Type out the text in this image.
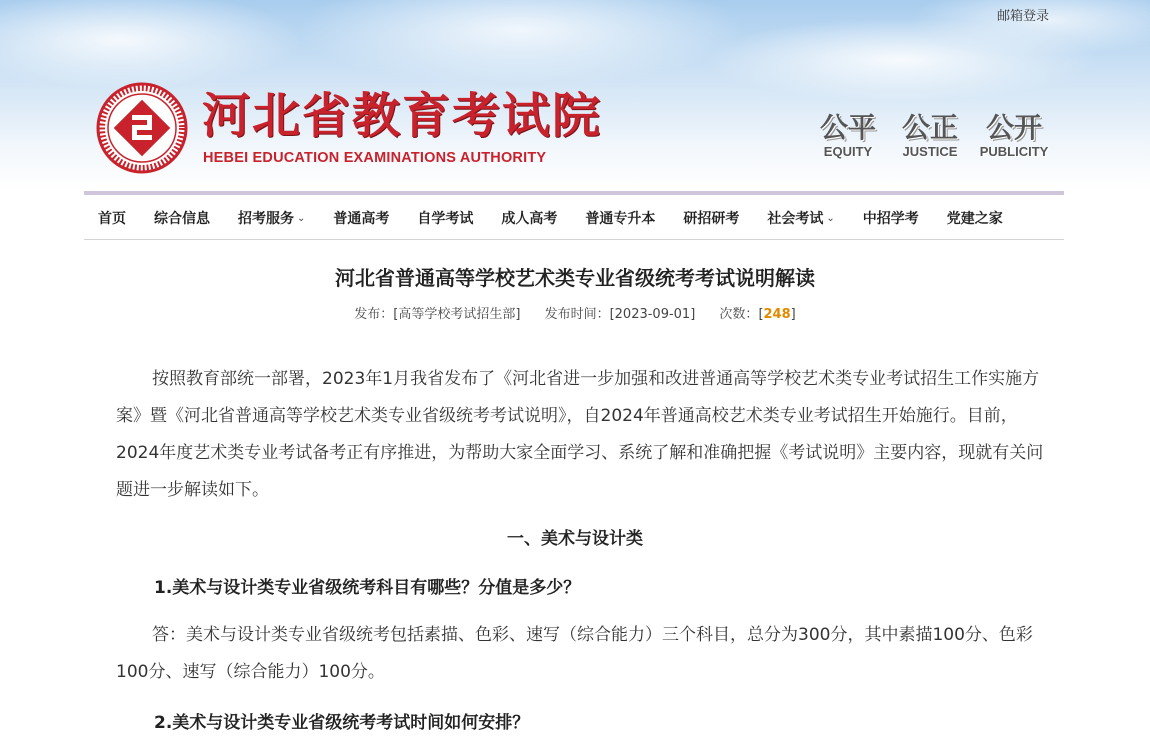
邮箱登录
河北省教育考试院
HEBEI EDUCATION EXAMINATIONS AUTHORITY
公平
EQUITY
公正
JUSTICE
公开
PUBLICITY
首页 综合信息 招考服务 ⌄ 普通高考 自学考试 成人高考 普通专升本 研招研考 社会考试 ⌄ 中招学考 党建之家
河北省普通高等学校艺术类专业省级统考考试说明解读
发布：[高等学校考试招生部] 发布时间：[2023-09-01] 次数：[248]

按照教育部统一部署，2023年1月我省发布了《河北省进一步加强和改进普通高等学校艺术类专业考试招生工作实施方案》暨《河北省普通高等学校艺术类专业省级统考考试说明》，自2024年普通高校艺术类专业考试招生开始施行。目前，2024年度艺术类专业考试备考正有序推进，为帮助大家全面学习、系统了解和准确把握《考试说明》主要内容，现就有关问题进一步解读如下。

一、美术与设计类
1.美术与设计类专业省级统考科目有哪些？分值是多少？

答：美术与设计类专业省级统考包括素描、色彩、速写（综合能力）三个科目，总分为300分，其中素描100分、色彩100分、速写（综合能力）100分。

2.美术与设计类专业省级统考考试时间如何安排？
